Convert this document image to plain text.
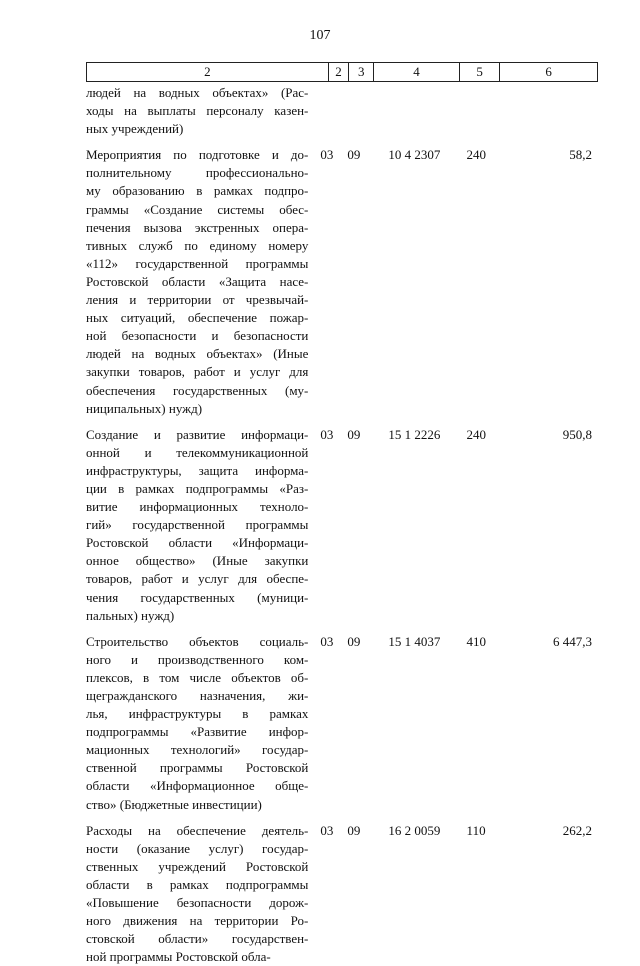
107
2	2	3	4	5	6
людей на водных объектах» (Рас-
ходы на выплаты персоналу казен-
ных учреждений)
Мероприятия по подготовке и до-
полнительному профессионально-
му образованию в рамках подпро-
граммы «Создание системы обес-
печения вызова экстренных опера-
тивных служб по единому номеру
«112» государственной программы
Ростовской области «Защита насе-
ления и территории от чрезвычай-
ных ситуаций, обеспечение пожар-
ной безопасности и безопасности
людей на водных объектах» (Иные
закупки товаров, работ и услуг для
обеспечения государственных (му-
ниципальных) нужд)
03	09	10 4 2307	240	58,2
Создание и развитие информаци-
онной и телекоммуникационной
инфраструктуры, защита информа-
ции в рамках подпрограммы «Раз-
витие информационных техноло-
гий» государственной программы
Ростовской области «Информаци-
онное общество» (Иные закупки
товаров, работ и услуг для обеспе-
чения государственных (муници-
пальных) нужд)
03	09	15 1 2226	240	950,8
Строительство объектов социаль-
ного и производственного ком-
плексов, в том числе объектов об-
щегражданского назначения, жи-
лья, инфраструктуры в рамках
подпрограммы «Развитие инфор-
мационных технологий» государ-
ственной программы Ростовской
области «Информационное обще-
ство» (Бюджетные инвестиции)
03	09	15 1 4037	410	6 447,3
Расходы на обеспечение деятель-
ности (оказание услуг) государ-
ственных учреждений Ростовской
области в рамках подпрограммы
«Повышение безопасности дорож-
ного движения на территории Ро-
стовской области» государствен-
ной программы Ростовской обла-
03	09	16 2 0059	110	262,2
